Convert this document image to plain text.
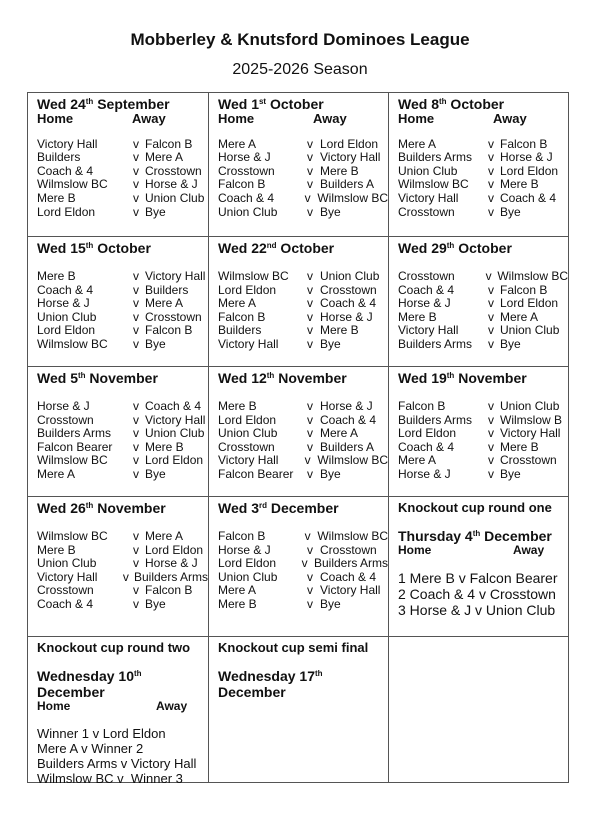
Mobberley & Knutsford Dominoes League
2025-2026 Season
Wed 24th September
Home	Away
Victory Hall	v Falcon B
Builders	v Mere A
Coach & 4	v Crosstown
Wilmslow BC	v Horse & J
Mere B	v Union Club
Lord Eldon	v Bye
Wed 1st October
Home	Away
Mere A	v Lord Eldon
Horse & J	v Victory Hall
Crosstown	v Mere B
Falcon B	v Builders A
Coach & 4	v Wilmslow BC
Union Club	v Bye
Wed 8th October
Home	Away
Mere A	v Falcon B
Builders Arms	v Horse & J
Union Club	v Lord Eldon
Wilmslow BC	v Mere B
Victory Hall	v Coach & 4
Crosstown	v Bye
Wed 15th October
Mere B	v Victory Hall
Coach & 4	v Builders
Horse & J	v Mere A
Union Club	v Crosstown
Lord Eldon	v Falcon B
Wilmslow BC	v Bye
Wed 22nd October
Wilmslow BC	v Union Club
Lord Eldon	v Crosstown
Mere A	v Coach & 4
Falcon B	v Horse & J
Builders	v Mere B
Victory Hall	v Bye
Wed 29th October
Crosstown	v Wilmslow BC
Coach & 4	v Falcon B
Horse & J	v Lord Eldon
Mere B	v Mere A
Victory Hall	v Union Club
Builders Arms	v Bye
Wed 5th November
Horse & J	v Coach & 4
Crosstown	v Victory Hall
Builders Arms	v Union Club
Falcon Bearer	v Mere B
Wilmslow BC	v Lord Eldon
Mere A	v Bye
Wed 12th November
Mere B	v Horse & J
Lord Eldon	v Coach & 4
Union Club	v Mere A
Crosstown	v Builders A
Victory Hall	v Wilmslow BC
Falcon Bearer	v Bye
Wed 19th November
Falcon B	v Union Club
Builders Arms	v Wilmslow B
Lord Eldon	v Victory Hall
Coach & 4	v Mere B
Mere A	v Crosstown
Horse & J	v Bye
Wed 26th November
Wilmslow BC	v Mere A
Mere B	v Lord Eldon
Union Club	v Horse & J
Victory Hall	v Builders Arms
Crosstown	v Falcon B
Coach & 4	v Bye
Wed 3rd December
Falcon B	v Wilmslow BC
Horse & J	v Crosstown
Lord Eldon	v Builders Arms
Union Club	v Coach & 4
Mere A	v Victory Hall
Mere B	v Bye
Knockout cup round one
Thursday 4th December
Home	Away
1 Mere B v Falcon Bearer
2 Coach & 4 v Crosstown
3 Horse & J v Union Club
Knockout cup round two
Wednesday 10th December
Home	Away
Winner 1 v Lord Eldon
Mere A v Winner 2
Builders Arms v Victory Hall
Wilmslow BC v  Winner 3
Knockout cup semi final
Wednesday 17th December
